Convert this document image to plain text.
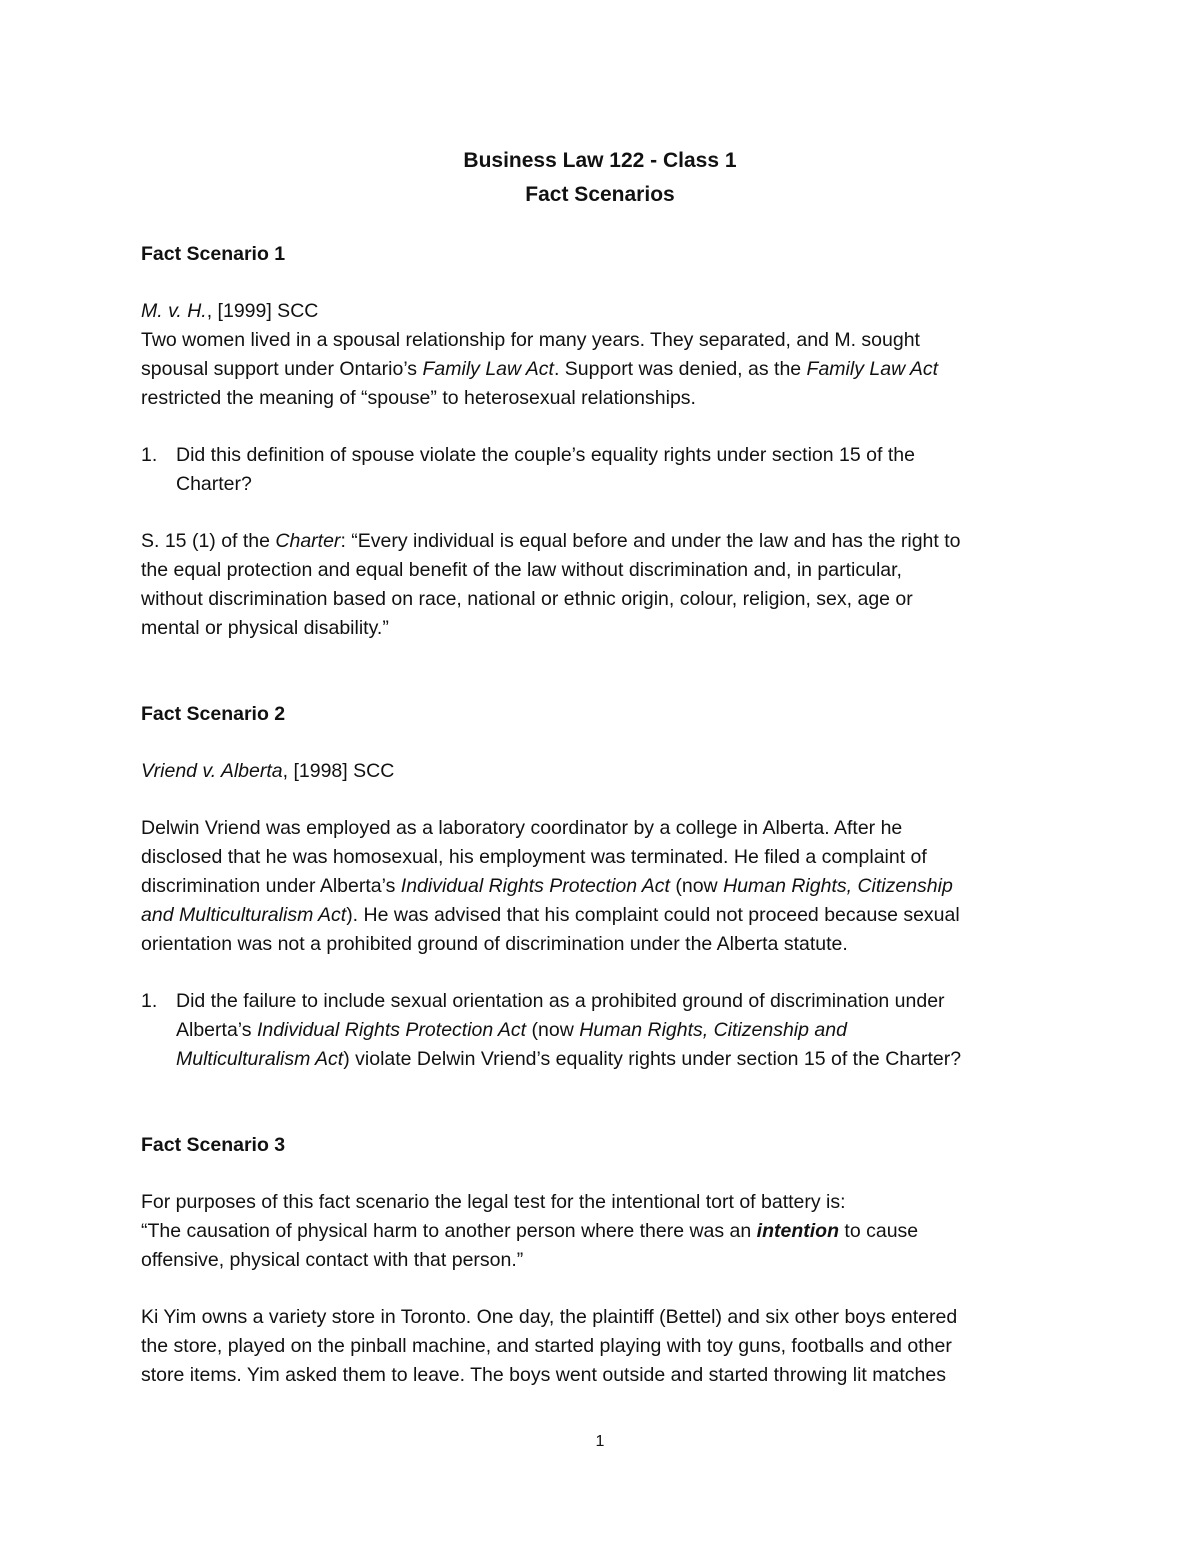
Business Law 122 - Class 1
Fact Scenarios
Fact Scenario 1
M. v. H., [1999] SCC
Two women lived in a spousal relationship for many years. They separated, and M. sought
spousal support under Ontario’s Family Law Act. Support was denied, as the Family Law Act
restricted the meaning of “spouse” to heterosexual relationships.
1. Did this definition of spouse violate the couple’s equality rights under section 15 of the
Charter?
S. 15 (1) of the Charter: “Every individual is equal before and under the law and has the right to
the equal protection and equal benefit of the law without discrimination and, in particular,
without discrimination based on race, national or ethnic origin, colour, religion, sex, age or
mental or physical disability.”
Fact Scenario 2
Vriend v. Alberta, [1998] SCC
Delwin Vriend was employed as a laboratory coordinator by a college in Alberta. After he
disclosed that he was homosexual, his employment was terminated. He filed a complaint of
discrimination under Alberta’s Individual Rights Protection Act (now Human Rights, Citizenship
and Multiculturalism Act). He was advised that his complaint could not proceed because sexual
orientation was not a prohibited ground of discrimination under the Alberta statute.
1. Did the failure to include sexual orientation as a prohibited ground of discrimination under
Alberta’s Individual Rights Protection Act (now Human Rights, Citizenship and
Multiculturalism Act) violate Delwin Vriend’s equality rights under section 15 of the Charter?
Fact Scenario 3
For purposes of this fact scenario the legal test for the intentional tort of battery is:
“The causation of physical harm to another person where there was an intention to cause
offensive, physical contact with that person.”
Ki Yim owns a variety store in Toronto. One day, the plaintiff (Bettel) and six other boys entered
the store, played on the pinball machine, and started playing with toy guns, footballs and other
store items. Yim asked them to leave. The boys went outside and started throwing lit matches
1
